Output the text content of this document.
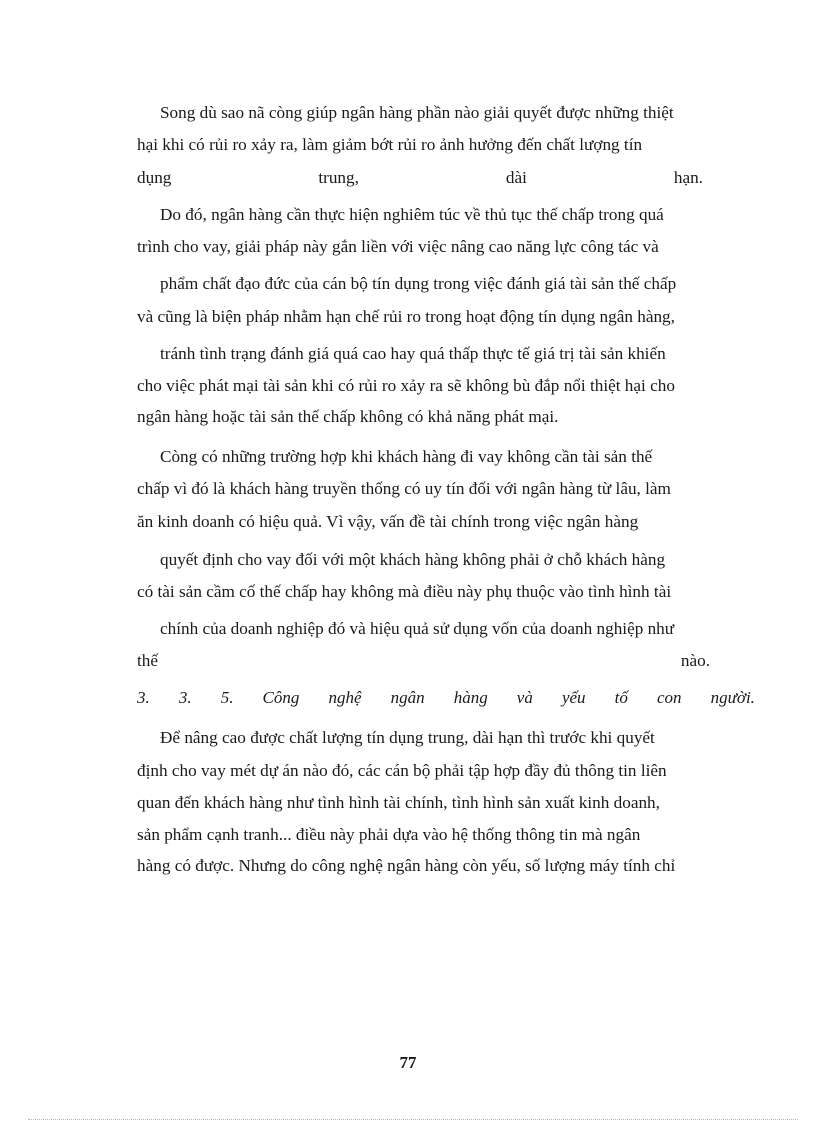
Song dù sao nã còng giúp ngân hàng phần nào giải quyết được những thiệt

hại khi có rủi ro xảy ra, làm giảm bớt rủi ro ảnh hưởng đến chất lượng tín

dụng	trung,	dài	hạn.

Do đó, ngân hàng cần thực hiện nghiêm túc về thủ tục thế chấp trong quá

trình cho vay, giải pháp này gắn liền với việc nâng cao năng lực công tác và

phẩm chất đạo đức của cán bộ tín dụng trong việc đánh giá tài sản thế chấp

và cũng là biện pháp nhằm hạn chế rủi ro trong hoạt động tín dụng ngân hàng,

tránh tình trạng đánh giá quá cao hay quá thấp thực tế giá trị tài sản khiến

cho việc phát mại tài sản khi có rủi ro xảy ra sẽ không bù đắp nổi thiệt hại cho

ngân hàng hoặc tài sản thế chấp không có khả năng phát mại.

Còng có những trường hợp khi khách hàng đi vay không cần tài sản thế

chấp vì đó là khách hàng truyền thống có uy tín đối với ngân hàng từ lâu, làm

ăn kinh doanh có hiệu quả. Vì vậy, vấn đề tài chính trong việc ngân hàng

quyết định cho vay đối với một khách hàng không phải ở chỗ khách hàng

có tài sản cầm cố thế chấp hay không mà điều này phụ thuộc vào tình hình tài

chính của doanh nghiệp đó và hiệu quả sử dụng vốn của doanh nghiệp như

thế	nào.
3. 3. 5. Công nghệ ngân hàng và yếu tố con người.

Để nâng cao được chất lượng tín dụng trung, dài hạn thì trước khi quyết

định cho vay mét dự án nào đó, các cán bộ phải tập hợp đầy đủ thông tin liên

quan đến khách hàng như tình hình tài chính, tình hình sản xuất kinh doanh,

sản phẩm cạnh tranh... điều này phải dựa vào hệ thống thông tin mà ngân

hàng có được. Nhưng do công nghệ ngân hàng còn yếu, số lượng máy tính chỉ

77
